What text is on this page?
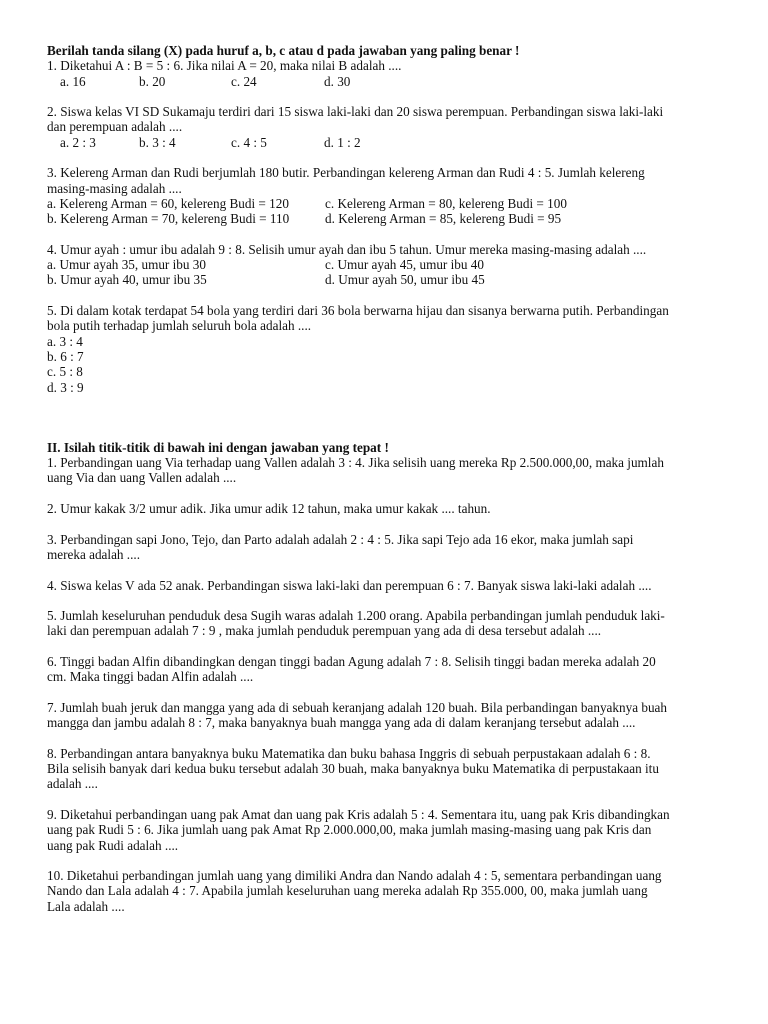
Berilah tanda silang (X) pada huruf a, b, c atau d pada jawaban yang paling benar !
1. Diketahui A : B = 5 : 6. Jika nilai A = 20, maka nilai B adalah ....
a. 16	b. 20	c. 24	d. 30
2. Siswa kelas VI SD Sukamaju terdiri dari 15 siswa laki-laki dan 20 siswa perempuan. Perbandingan siswa laki-laki
dan perempuan adalah ....
a. 2 : 3	b. 3 : 4	c. 4 : 5	d. 1 : 2
3. Kelereng Arman dan Rudi berjumlah 180 butir. Perbandingan kelereng Arman dan Rudi 4 : 5. Jumlah kelereng
masing-masing adalah ....
a. Kelereng Arman = 60, kelereng Budi = 120	c. Kelereng Arman = 80, kelereng Budi = 100
b. Kelereng Arman = 70, kelereng Budi = 110	d. Kelereng Arman = 85, kelereng Budi = 95
4. Umur ayah : umur ibu adalah 9 : 8. Selisih umur ayah dan ibu 5 tahun. Umur mereka masing-masing adalah ....
a. Umur ayah 35, umur ibu 30	c. Umur ayah 45, umur ibu 40
b. Umur ayah 40, umur ibu 35	d. Umur ayah 50, umur ibu 45
5. Di dalam kotak terdapat 54 bola yang terdiri dari 36 bola berwarna hijau dan sisanya berwarna putih. Perbandingan
bola putih terhadap jumlah seluruh bola adalah ....
a. 3 : 4
b. 6 : 7
c. 5 : 8
d. 3 : 9
II. Isilah titik-titik di bawah ini dengan jawaban yang tepat !
1. Perbandingan uang Via terhadap uang Vallen adalah 3 : 4. Jika selisih uang mereka Rp 2.500.000,00, maka jumlah
uang Via dan uang Vallen adalah ....
2. Umur kakak 3/2 umur adik. Jika umur adik 12 tahun, maka umur kakak .... tahun.
3. Perbandingan sapi Jono, Tejo, dan Parto adalah adalah 2 : 4 : 5. Jika sapi Tejo ada 16 ekor, maka jumlah sapi
mereka adalah ....
4. Siswa kelas V ada 52 anak. Perbandingan siswa laki-laki dan perempuan 6 : 7. Banyak siswa laki-laki adalah ....
5. Jumlah keseluruhan penduduk desa Sugih waras adalah 1.200 orang. Apabila perbandingan jumlah penduduk laki-
laki dan perempuan adalah 7 : 9 , maka jumlah penduduk perempuan yang ada di desa tersebut adalah ....
6. Tinggi badan Alfin dibandingkan dengan tinggi badan Agung adalah 7 : 8. Selisih tinggi badan mereka adalah 20
cm. Maka tinggi badan Alfin adalah ....
7. Jumlah buah jeruk dan mangga yang ada di sebuah keranjang adalah 120 buah. Bila perbandingan banyaknya buah
mangga dan jambu adalah 8 : 7, maka banyaknya buah mangga yang ada di dalam keranjang tersebut adalah ....
8. Perbandingan antara banyaknya buku Matematika dan buku bahasa Inggris di sebuah perpustakaan adalah 6 : 8.
Bila selisih banyak dari kedua buku tersebut adalah 30 buah, maka banyaknya buku Matematika di perpustakaan itu
adalah ....
9. Diketahui perbandingan uang pak Amat dan uang pak Kris adalah 5 : 4. Sementara itu, uang pak Kris dibandingkan
uang pak Rudi 5 : 6. Jika jumlah uang pak Amat Rp 2.000.000,00, maka jumlah masing-masing uang pak Kris dan
uang pak Rudi adalah ....
10. Diketahui perbandingan jumlah uang yang dimiliki Andra dan Nando adalah 4 : 5, sementara perbandingan uang
Nando dan Lala adalah 4 : 7. Apabila jumlah keseluruhan uang mereka adalah Rp 355.000, 00, maka jumlah uang
Lala adalah ....
